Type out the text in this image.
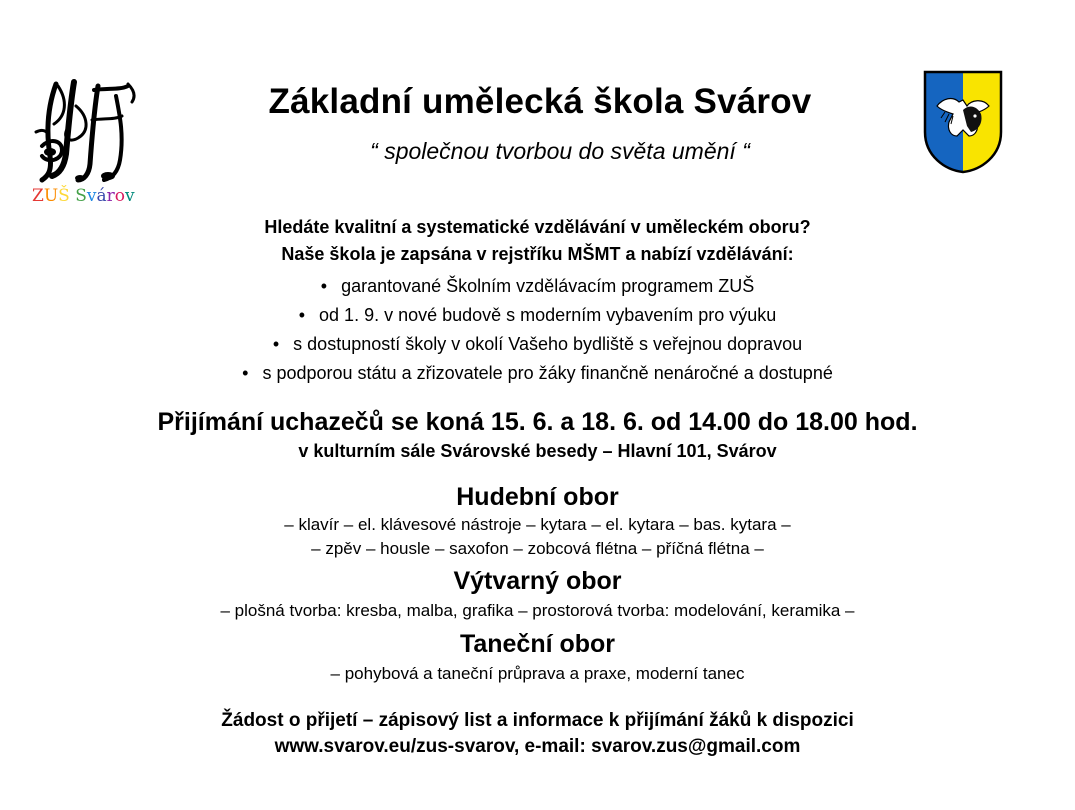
ZUŠ Svárov
Základní umělecká škola Svárov
“ společnou tvorbou do světa umění “
Hledáte kvalitní a systematické vzdělávání v uměleckém oboru?
Naše škola je zapsána v rejstříku MŠMT a nabízí vzdělávání:
• garantované Školním vzdělávacím programem ZUŠ
• od 1. 9. v nové budově s moderním vybavením pro výuku
• s dostupností školy v okolí Vašeho bydliště s veřejnou dopravou
• s podporou státu a zřizovatele pro žáky finančně nenáročné a dostupné
Přijímání uchazečů se koná 15. 6. a 18. 6. od 14.00 do 18.00 hod.
v kulturním sále Svárovské besedy – Hlavní 101, Svárov
Hudební obor
– klavír – el. klávesové nástroje – kytara – el. kytara – bas. kytara –
– zpěv – housle – saxofon – zobcová flétna – příčná flétna –
Výtvarný obor
– plošná tvorba: kresba, malba, grafika – prostorová tvorba: modelování, keramika –
Taneční obor
– pohybová a taneční průprava a praxe, moderní tanec
Žádost o přijetí – zápisový list a informace k přijímání žáků k dispozici
www.svarov.eu/zus-svarov, e-mail: svarov.zus@gmail.com
